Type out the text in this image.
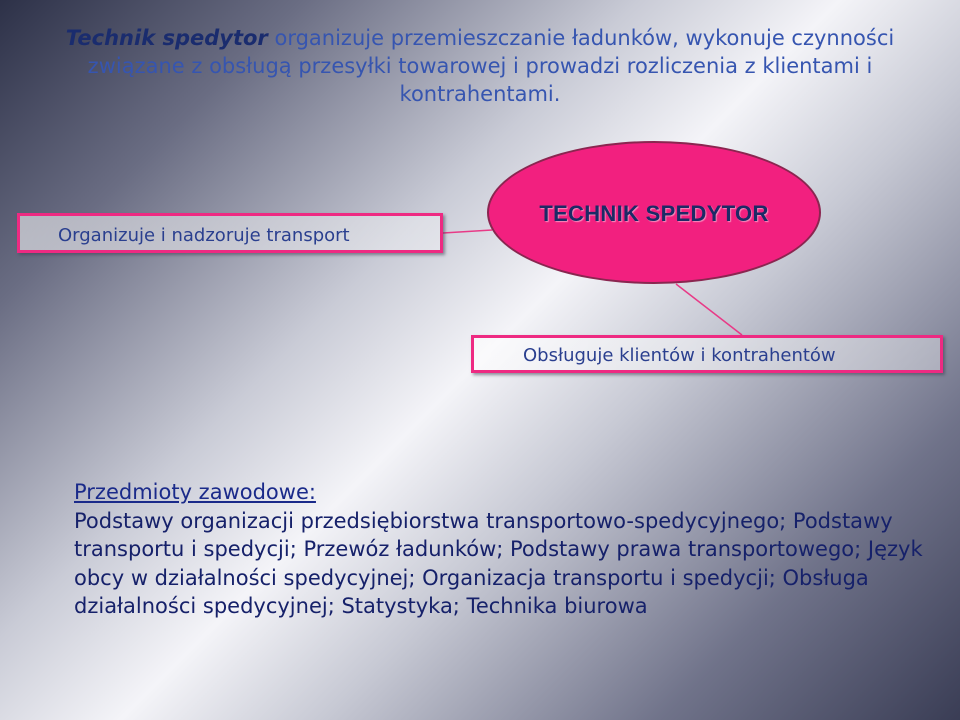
Technik spedytor organizuje przemieszczanie ładunków, wykonuje czynności związane z obsługą przesyłki towarowej i prowadzi rozliczenia z klientami i kontrahentami.
TECHNIK SPEDYTOR
Organizuje i nadzoruje transport
Obsługuje klientów i kontrahentów
Przedmioty zawodowe:
Podstawy organizacji przedsiębiorstwa transportowo-spedycyjnego; Podstawy transportu i spedycji; Przewóz ładunków; Podstawy prawa transportowego; Język obcy w działalności spedycyjnej; Organizacja transportu i spedycji; Obsługa działalności spedycyjnej; Statystyka; Technika biurowa
